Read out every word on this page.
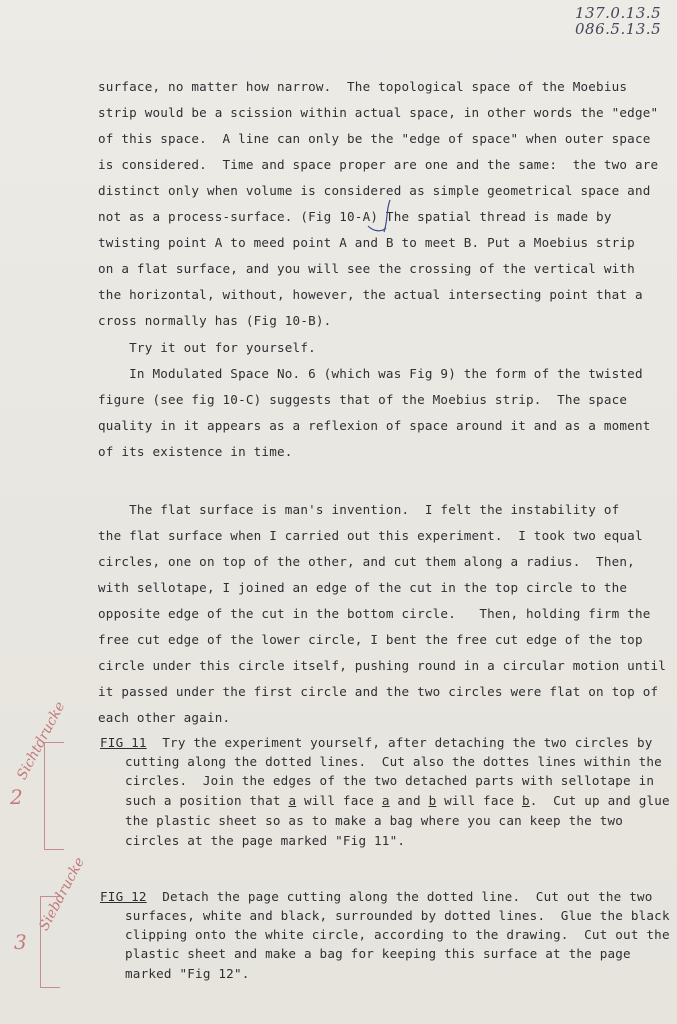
137.0.13.5
086.5.13.5
surface, no matter how narrow.  The topological space of the Moebius
strip would be a scission within actual space, in other words the "edge"
of this space.  A line can only be the "edge of space" when outer space
is considered.  Time and space proper are one and the same:  the two are
distinct only when volume is considered as simple geometrical space and
not as a process-surface. (Fig 10-A) The spatial thread is made by
twisting point A to meed point A and B to meet B. Put a Moebius strip
on a flat surface, and you will see the crossing of the vertical with
the horizontal, without, however, the actual intersecting point that a
cross normally has (Fig 10-B).
Try it out for yourself.
In Modulated Space No. 6 (which was Fig 9) the form of the twisted
figure (see fig 10-C) suggests that of the Moebius strip.  The space
quality in it appears as a reflexion of space around it and as a moment
of its existence in time.
The flat surface is man's invention.  I felt the instability of
the flat surface when I carried out this experiment.  I took two equal
circles, one on top of the other, and cut them along a radius.  Then,
with sellotape, I joined an edge of the cut in the top circle to the
opposite edge of the cut in the bottom circle.   Then, holding firm the
free cut edge of the lower circle, I bent the free cut edge of the top
circle under this circle itself, pushing round in a circular motion until
it passed under the first circle and the two circles were flat on top of
each other again.
FIG 11  Try the experiment yourself, after detaching the two circles by
cutting along the dotted lines.  Cut also the dottes lines within the
circles.  Join the edges of the two detached parts with sellotape in
such a position that a will face a and b will face b.  Cut up and glue
the plastic sheet so as to make a bag where you can keep the two
circles at the page marked "Fig 11".
FIG 12  Detach the page cutting along the dotted line.  Cut out the two
surfaces, white and black, surrounded by dotted lines.  Glue the black
clipping onto the white circle, according to the drawing.  Cut out the
plastic sheet and make a bag for keeping this surface at the page
marked "Fig 12".
Sichtdrucke
2
Siebdrucke
3
